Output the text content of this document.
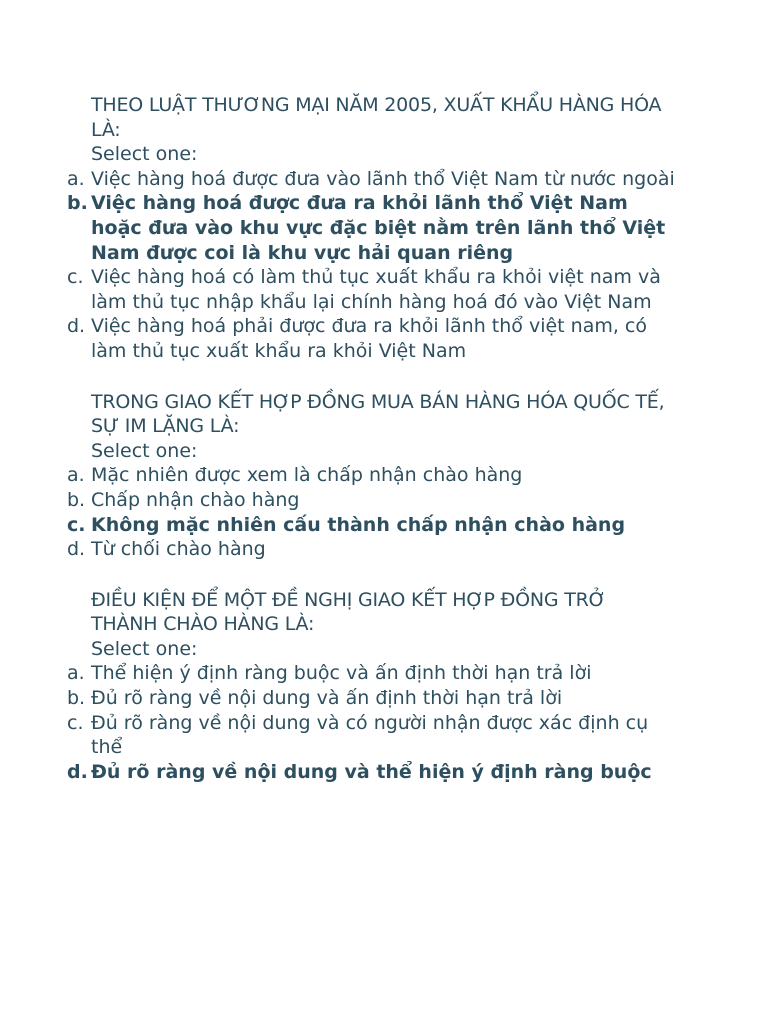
THEO LUẬT THƯƠNG MẠI NĂM 2005, XUẤT KHẨU HÀNG HÓA LÀ:
Select one:
a. Việc hàng hoá được đưa vào lãnh thổ Việt Nam từ nước ngoài
b. Việc hàng hoá được đưa ra khỏi lãnh thổ Việt Nam hoặc đưa vào khu vực đặc biệt nằm trên lãnh thổ Việt Nam được coi là khu vực hải quan riêng
c. Việc hàng hoá có làm thủ tục xuất khẩu ra khỏi việt nam và làm thủ tục nhập khẩu lại chính hàng hoá đó vào Việt Nam
d. Việc hàng hoá phải được đưa ra khỏi lãnh thổ việt nam, có làm thủ tục xuất khẩu ra khỏi Việt Nam
TRONG GIAO KẾT HỢP ĐỒNG MUA BÁN HÀNG HÓA QUỐC TẾ, SỰ IM LẶNG LÀ:
Select one:
a. Mặc nhiên được xem là chấp nhận chào hàng
b. Chấp nhận chào hàng
c. Không mặc nhiên cấu thành chấp nhận chào hàng
d. Từ chối chào hàng
ĐIỀU KIỆN ĐỂ MỘT ĐỀ NGHỊ GIAO KẾT HỢP ĐỒNG TRỞ THÀNH CHÀO HÀNG LÀ:
Select one:
a. Thể hiện ý định ràng buộc và ấn định thời hạn trả lời
b. Đủ rõ ràng về nội dung và ấn định thời hạn trả lời
c. Đủ rõ ràng về nội dung và có người nhận được xác định cụ thể
d. Đủ rõ ràng về nội dung và thể hiện ý định ràng buộc
